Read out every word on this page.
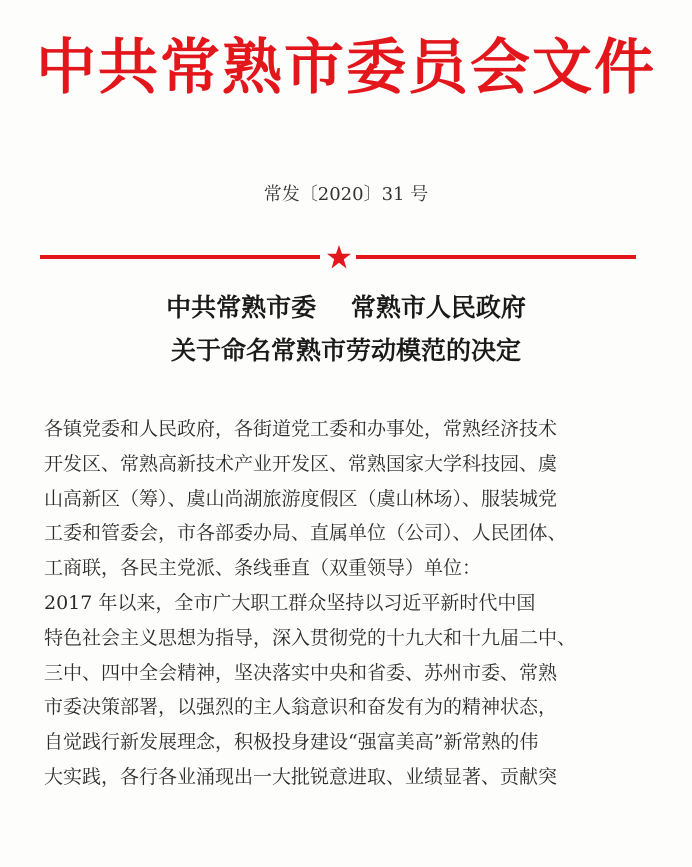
中共常熟市委员会文件
常发〔2020〕31 号
中共常熟市委    常熟市人民政府
关于命名常熟市劳动模范的决定

各镇党委和人民政府，各街道党工委和办事处，常熟经济技术

开发区、常熟高新技术产业开发区、常熟国家大学科技园、虞

山高新区（筹）、虞山尚湖旅游度假区（虞山林场）、服装城党

工委和管委会，市各部委办局、直属单位（公司）、人民团体、

工商联，各民主党派、条线垂直（双重领导）单位：

2017 年以来，全市广大职工群众坚持以习近平新时代中国

特色社会主义思想为指导，深入贯彻党的十九大和十九届二中、

三中、四中全会精神，坚决落实中央和省委、苏州市委、常熟

市委决策部署，以强烈的主人翁意识和奋发有为的精神状态，

自觉践行新发展理念，积极投身建设“强富美高”新常熟的伟

大实践，各行各业涌现出一大批锐意进取、业绩显著、贡献突
